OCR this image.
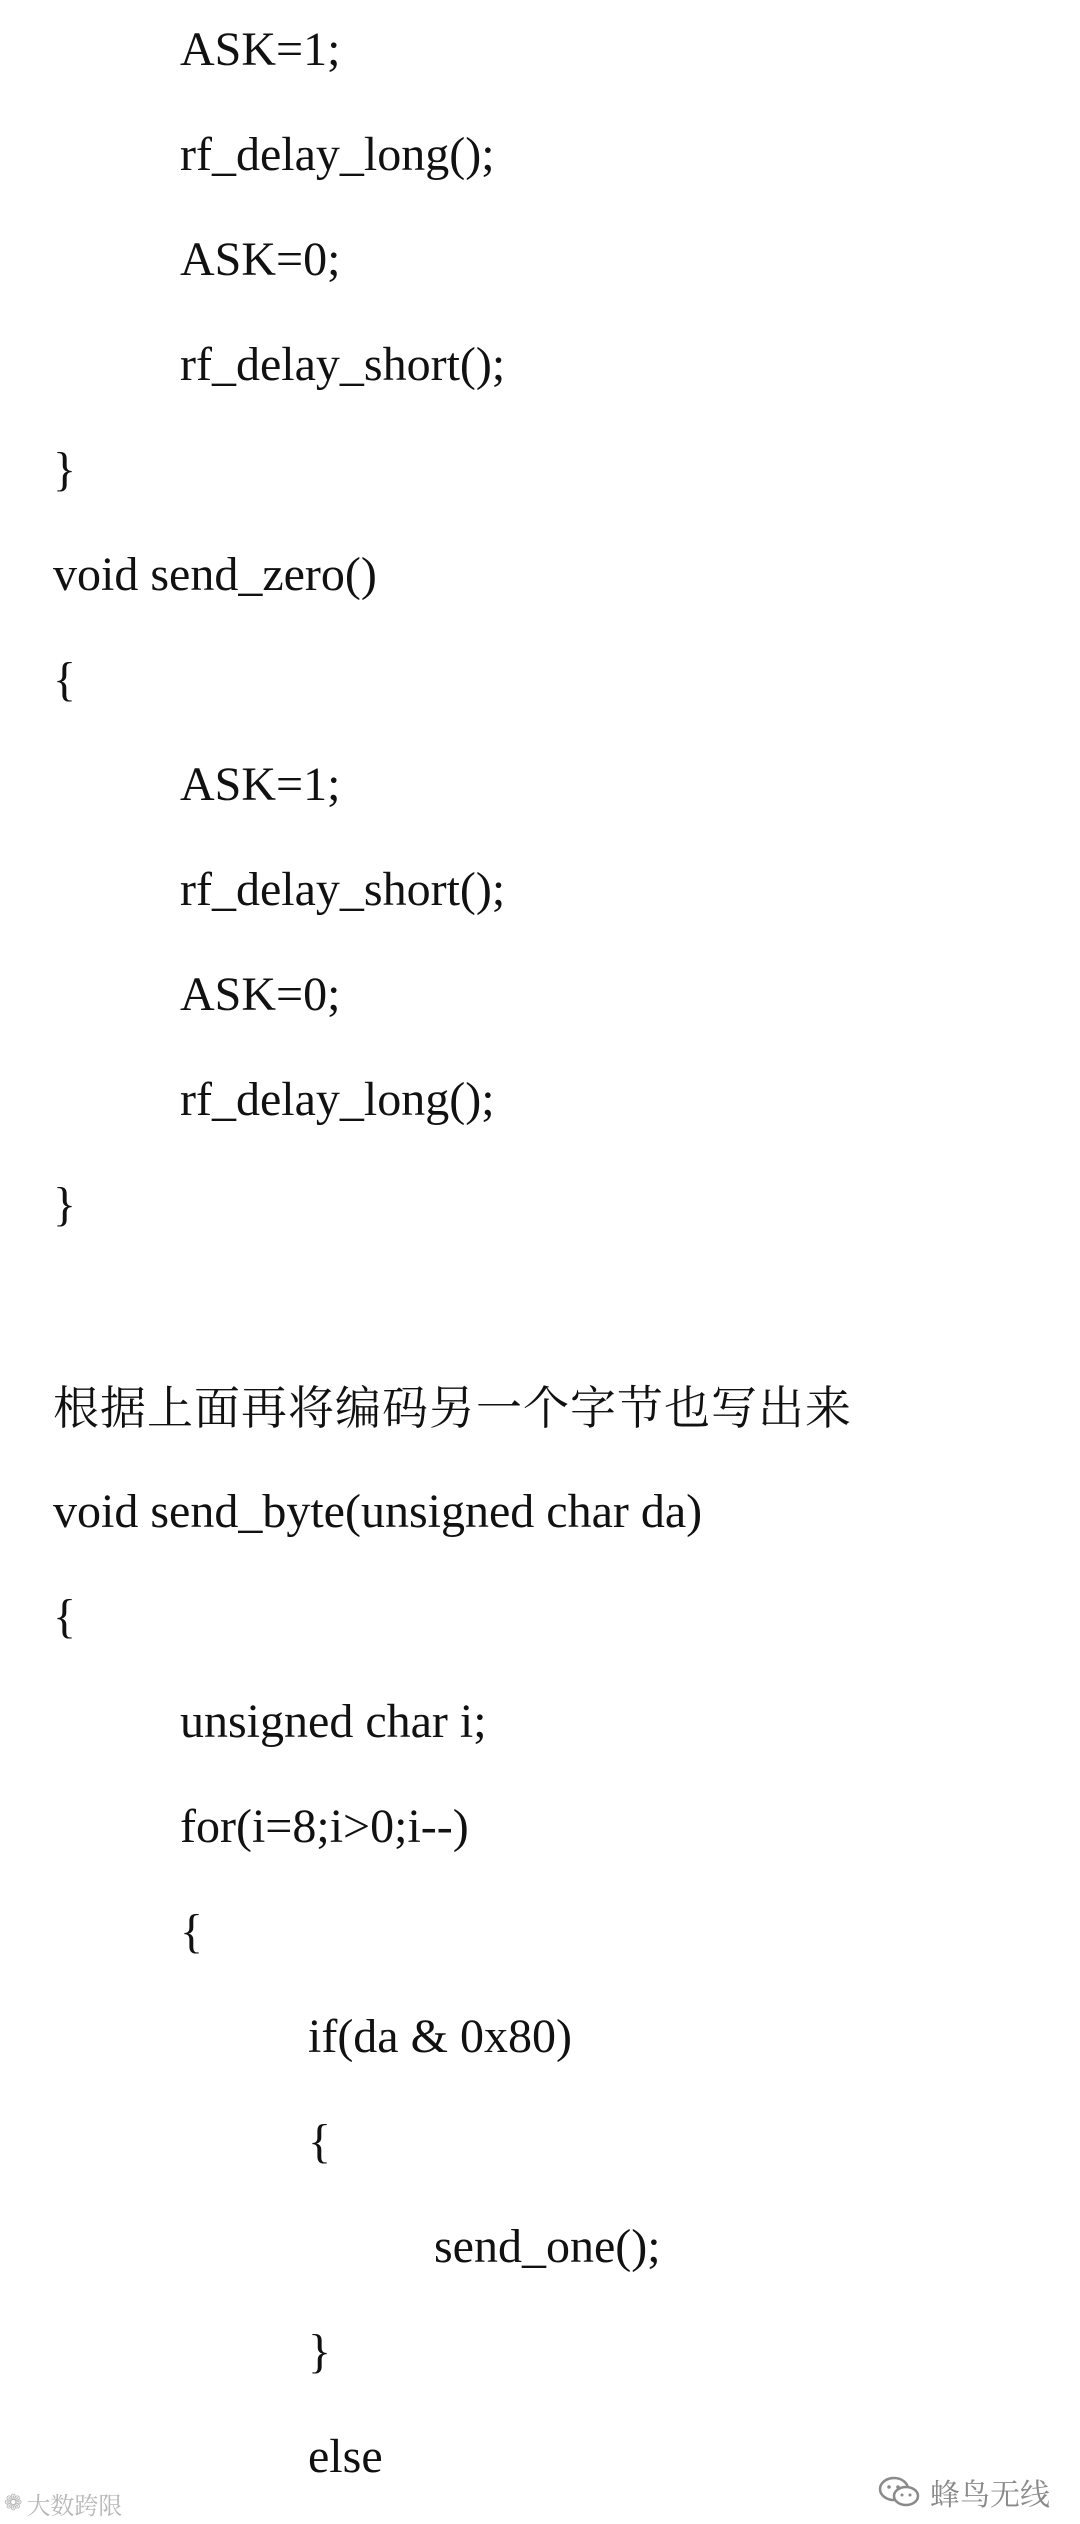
ASK=1;
rf_delay_long();
ASK=0;
rf_delay_short();
}
void send_zero()
{
ASK=1;
rf_delay_short();
ASK=0;
rf_delay_long();
}
根据上面再将编码另一个字节也写出来
void send_byte(unsigned char da)
{
unsigned char i;
for(i=8;i>0;i--)
{
if(da & 0x80)
{
send_one();
}
else
❁ 大数跨限	蜂鸟无线
